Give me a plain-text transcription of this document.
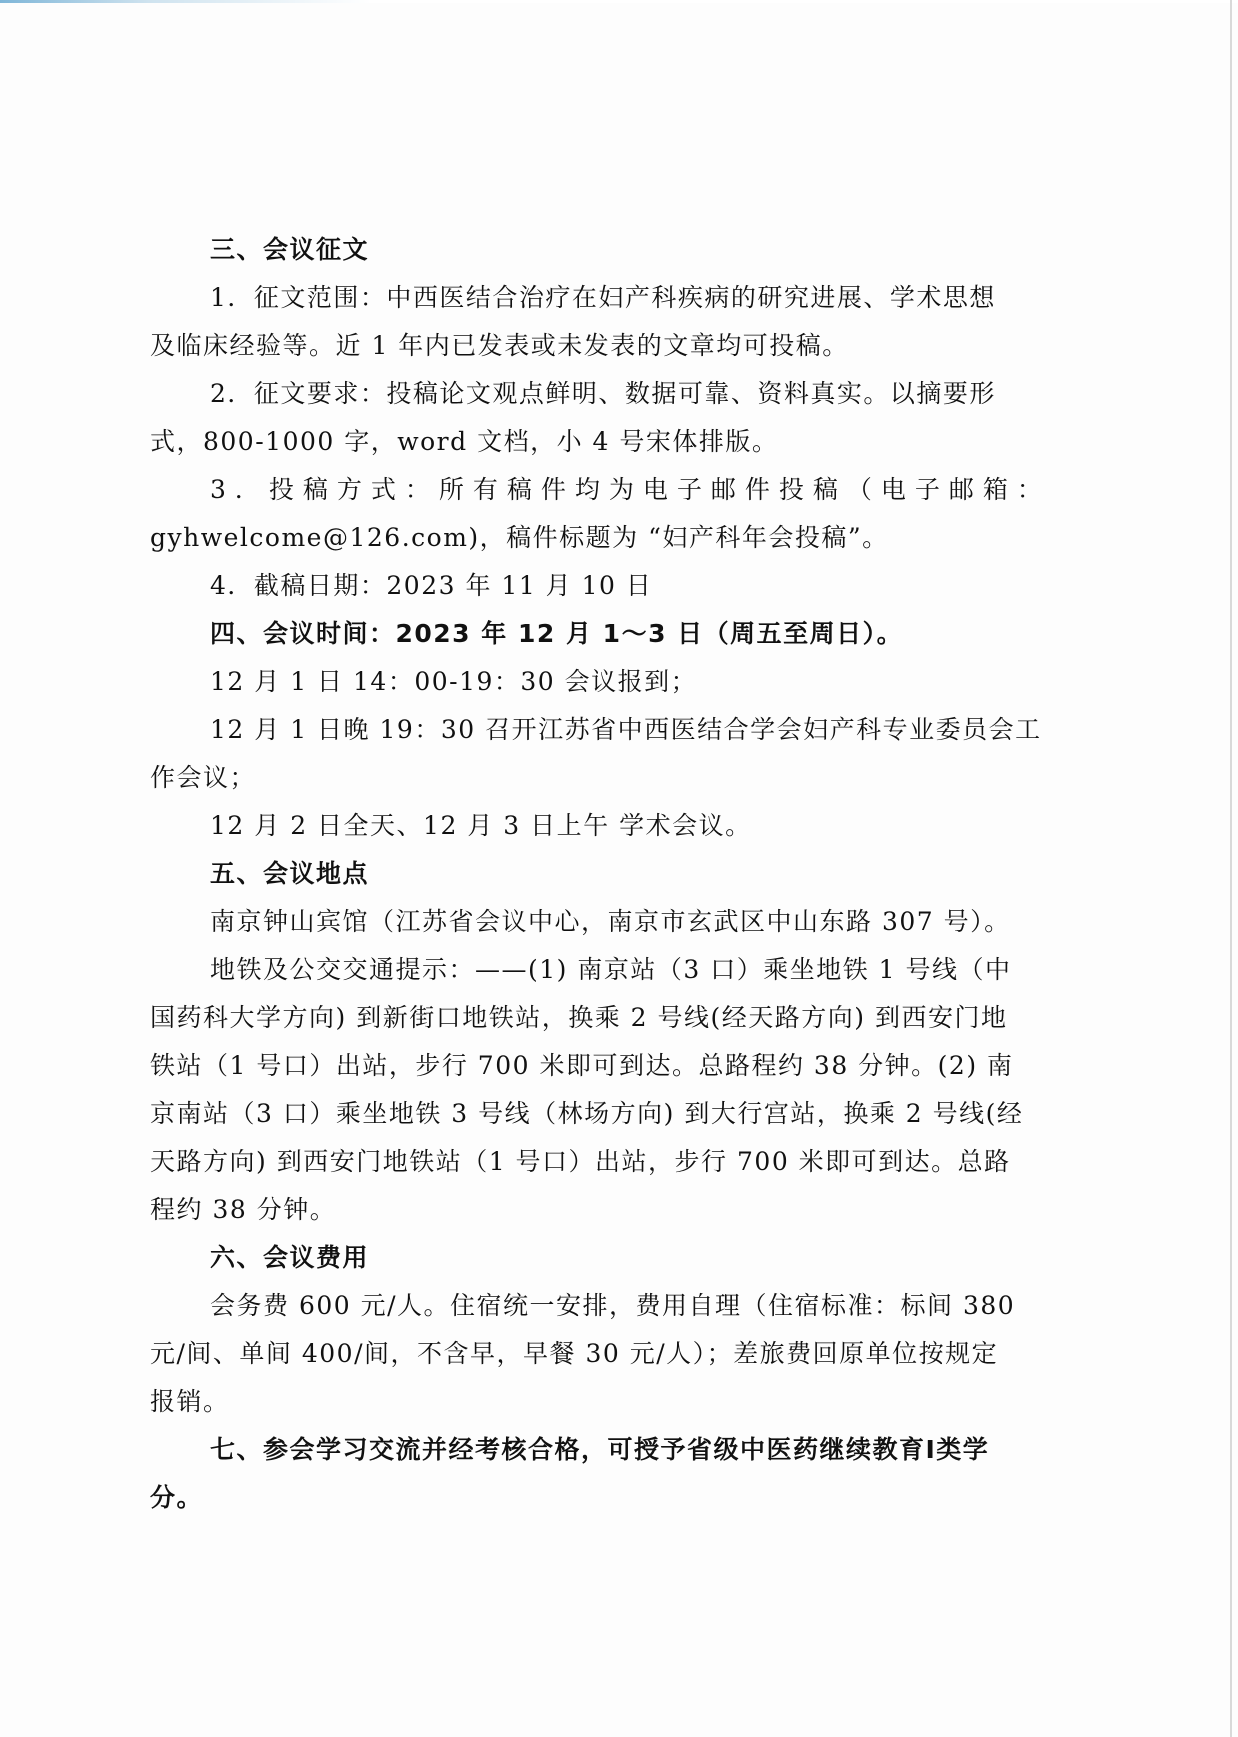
三、会议征文
1．征文范围：中西医结合治疗在妇产科疾病的研究进展、学术思想
及临床经验等。近 1 年内已发表或未发表的文章均可投稿。
2．征文要求：投稿论文观点鲜明、数据可靠、资料真实。以摘要形
式，800-1000 字，word 文档，小 4 号宋体排版。
3．投稿方式：所有稿件均为电子邮件投稿（电子邮箱：
gyhwelcome@126.com)，稿件标题为 “妇产科年会投稿”。
4．截稿日期：2023 年 11 月 10 日
四、会议时间：2023 年 12 月 1～3 日（周五至周日）。
12 月 1 日 14：00-19：30 会议报到；
12 月 1 日晚 19：30 召开江苏省中西医结合学会妇产科专业委员会工
作会议；
12 月 2 日全天、12 月 3 日上午 学术会议。
五、会议地点
南京钟山宾馆（江苏省会议中心，南京市玄武区中山东路 307 号）。
地铁及公交交通提示：——(1) 南京站（3 口）乘坐地铁 1 号线（中
国药科大学方向) 到新街口地铁站，换乘 2 号线(经天路方向) 到西安门地
铁站（1 号口）出站，步行 700 米即可到达。总路程约 38 分钟。(2) 南
京南站（3 口）乘坐地铁 3 号线（林场方向) 到大行宫站，换乘 2 号线(经
天路方向) 到西安门地铁站（1 号口）出站，步行 700 米即可到达。总路
程约 38 分钟。
六、会议费用
会务费 600 元/人。住宿统一安排，费用自理（住宿标准：标间 380
元/间、单间 400/间，不含早，早餐 30 元/人）；差旅费回原单位按规定
报销。
七、参会学习交流并经考核合格，可授予省级中医药继续教育Ⅰ类学
分。
